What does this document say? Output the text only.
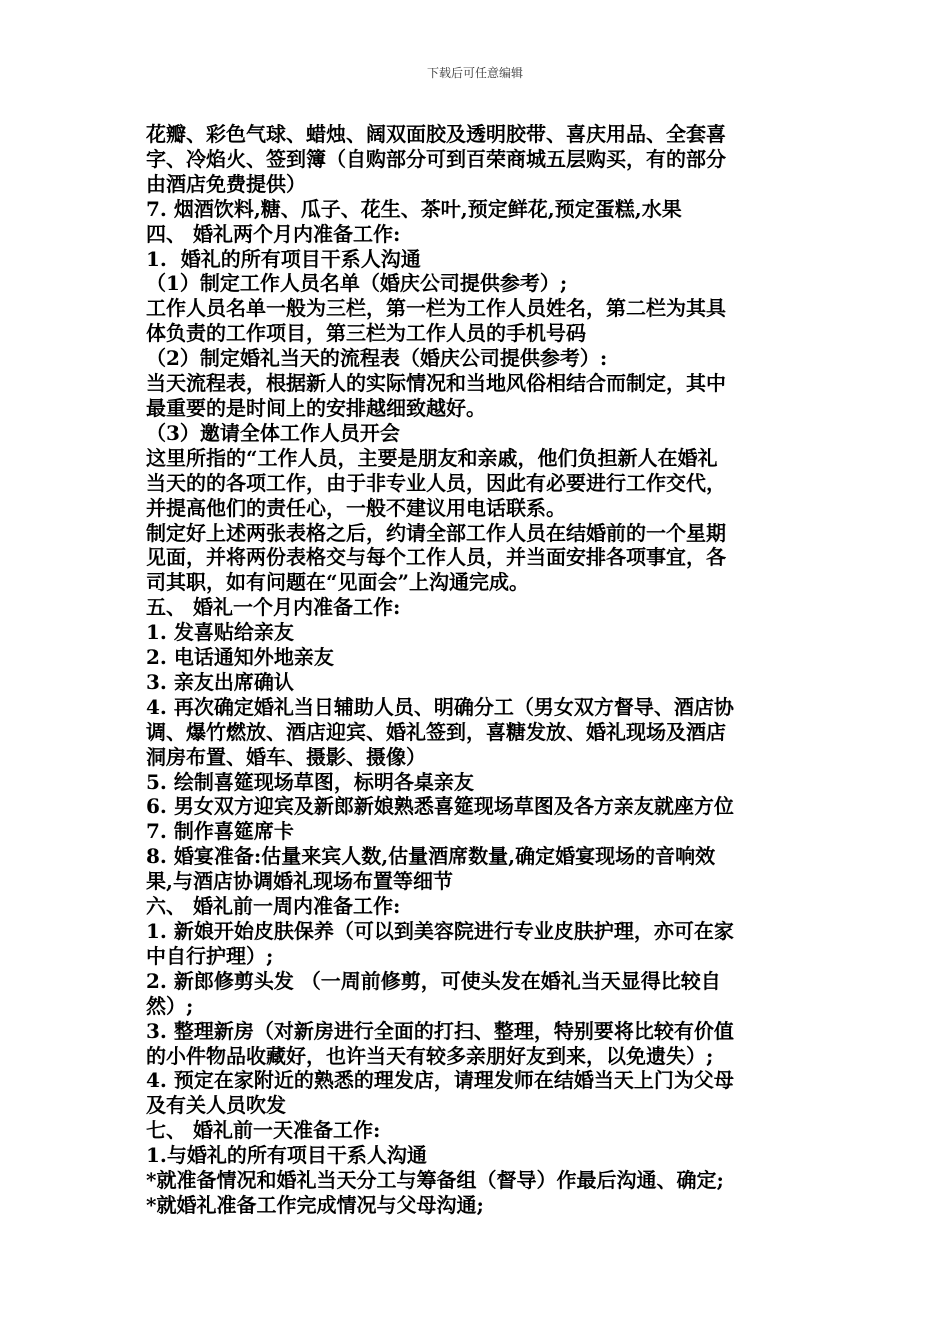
下载后可任意编辑

花瓣、彩色气球、蜡烛、阔双面胶及透明胶带、喜庆用品、全套喜

字、冷焰火、签到簿（自购部分可到百荣商城五层购买，有的部分

由酒店免费提供）

7. 烟酒饮料,糖、瓜子、花生、茶叶,预定鲜花,预定蛋糕,水果

四、 婚礼两个月内准备工作:

1.  婚礼的所有项目干系人沟通

（1）制定工作人员名单（婚庆公司提供参考）;

工作人员名单一般为三栏，第一栏为工作人员姓名，第二栏为其具

体负责的工作项目，第三栏为工作人员的手机号码

（2）制定婚礼当天的流程表（婚庆公司提供参考）:

当天流程表，根据新人的实际情况和当地风俗相结合而制定，其中

最重要的是时间上的安排越细致越好。

（3）邀请全体工作人员开会

这里所指的“工作人员，主要是朋友和亲戚，他们负担新人在婚礼

当天的的各项工作，由于非专业人员，因此有必要进行工作交代，

并提高他们的责任心，一般不建议用电话联系。

制定好上述两张表格之后，约请全部工作人员在结婚前的一个星期

见面，并将两份表格交与每个工作人员，并当面安排各项事宜，各

司其职，如有问题在“见面会”上沟通完成。

五、 婚礼一个月内准备工作:

1. 发喜贴给亲友

2. 电话通知外地亲友

3. 亲友出席确认

4. 再次确定婚礼当日辅助人员、明确分工（男女双方督导、酒店协

调、爆竹燃放、酒店迎宾、婚礼签到，喜糖发放、婚礼现场及酒店

洞房布置、婚车、摄影、摄像）

5. 绘制喜筵现场草图，标明各桌亲友

6. 男女双方迎宾及新郎新娘熟悉喜筵现场草图及各方亲友就座方位

7. 制作喜筵席卡

8. 婚宴准备:估量来宾人数,估量酒席数量,确定婚宴现场的音响效

果,与酒店协调婚礼现场布置等细节

六、 婚礼前一周内准备工作:

1. 新娘开始皮肤保养（可以到美容院进行专业皮肤护理，亦可在家

中自行护理）;

2. 新郎修剪头发 （一周前修剪，可使头发在婚礼当天显得比较自

然）;

3. 整理新房（对新房进行全面的打扫、整理，特别要将比较有价值

的小件物品收藏好，也许当天有较多亲朋好友到来，以免遗失）;

4. 预定在家附近的熟悉的理发店，请理发师在结婚当天上门为父母

及有关人员吹发

七、 婚礼前一天准备工作:

1.与婚礼的所有项目干系人沟通

*就准备情况和婚礼当天分工与筹备组（督导）作最后沟通、确定;

*就婚礼准备工作完成情况与父母沟通;
